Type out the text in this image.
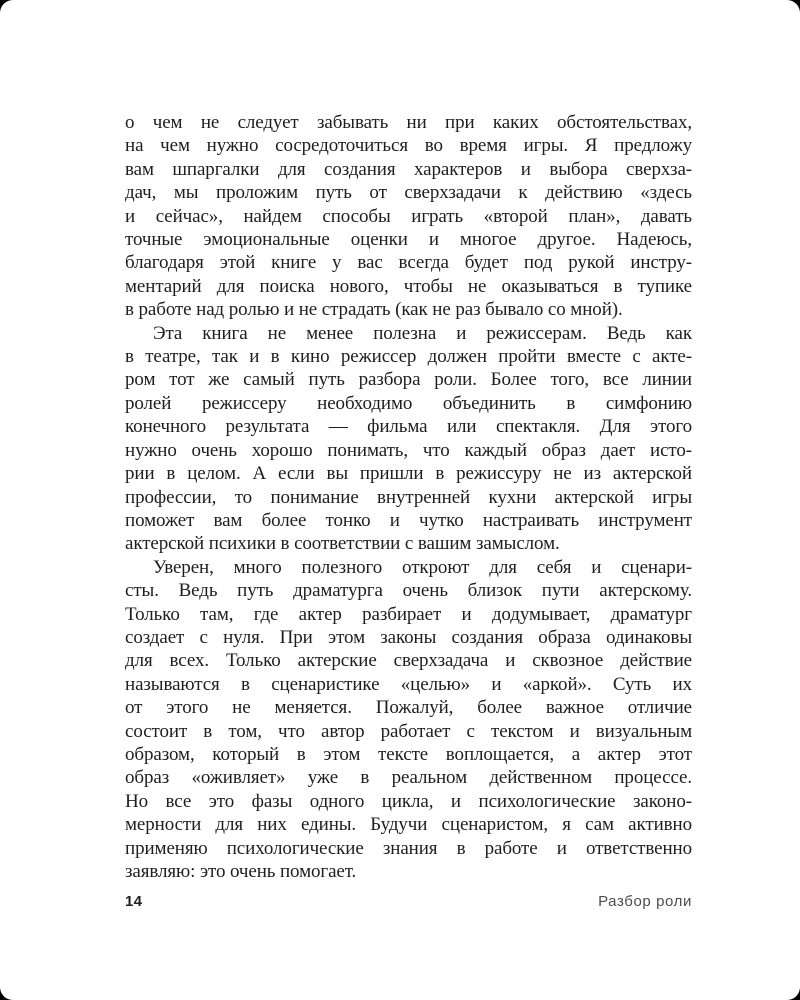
о чем не следует забывать ни при каких обстоятельствах,
на чем нужно сосредоточиться во время игры. Я предложу
вам шпаргалки для создания характеров и выбора сверхза-
дач, мы проложим путь от сверхзадачи к действию «здесь
и сейчас», найдем способы играть «второй план», давать
точные эмоциональные оценки и многое другое. Надеюсь,
благодаря этой книге у вас всегда будет под рукой инстру-
ментарий для поиска нового, чтобы не оказываться в тупике
в работе над ролью и не страдать (как не раз бывало со мной).
Эта книга не менее полезна и режиссерам. Ведь как
в театре, так и в кино режиссер должен пройти вместе с акте-
ром тот же самый путь разбора роли. Более того, все линии
ролей режиссеру необходимо объединить в симфонию
конечного результата — фильма или спектакля. Для этого
нужно очень хорошо понимать, что каждый образ дает исто-
рии в целом. А если вы пришли в режиссуру не из актерской
профессии, то понимание внутренней кухни актерской игры
поможет вам более тонко и чутко настраивать инструмент
актерской психики в соответствии с вашим замыслом.
Уверен, много полезного откроют для себя и сценари-
сты. Ведь путь драматурга очень близок пути актерскому.
Только там, где актер разбирает и додумывает, драматург
создает с нуля. При этом законы создания образа одинаковы
для всех. Только актерские сверхзадача и сквозное действие
называются в сценаристике «целью» и «аркой». Суть их
от этого не меняется. Пожалуй, более важное отличие
состоит в том, что автор работает с текстом и визуальным
образом, который в этом тексте воплощается, а актер этот
образ «оживляет» уже в реальном действенном процессе.
Но все это фазы одного цикла, и психологические законо-
мерности для них едины. Будучи сценаристом, я сам активно
применяю психологические знания в работе и ответственно
заявляю: это очень помогает.
14	Разбор роли
